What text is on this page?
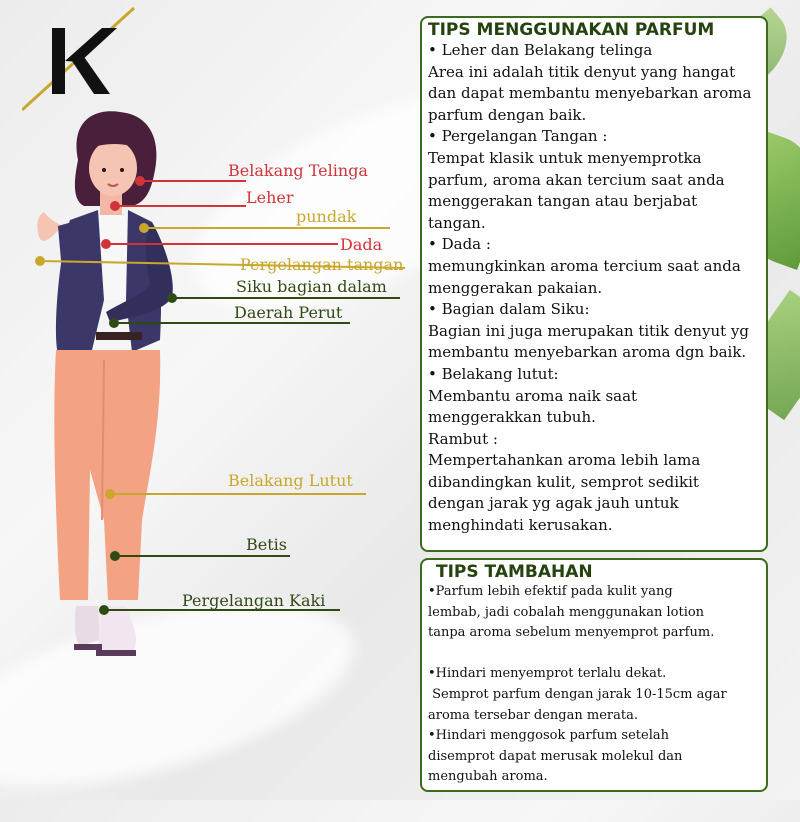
Belakang Telinga
Leher
pundak
Dada
Pergelangan tangan
Siku bagian dalam
Daerah Perut
Belakang Lutut
Betis
Pergelangan Kaki

TIPS MENGGUNAKAN PARFUM

• Leher dan Belakang telinga

Area ini adalah titik denyut yang hangat

dan dapat membantu menyebarkan aroma

parfum dengan baik.

• Pergelangan Tangan :

Tempat klasik untuk menyemprotka

parfum, aroma akan tercium saat anda

menggerakan tangan atau berjabat

tangan.

• Dada :

memungkinkan aroma tercium saat anda

menggerakan pakaian.

• Bagian dalam Siku:

Bagian ini juga merupakan titik denyut yg

membantu menyebarkan aroma dgn baik.

• Belakang lutut:

Membantu aroma naik saat

menggerakkan tubuh.

Rambut :

Mempertahankan aroma lebih lama

dibandingkan kulit, semprot sedikit

dengan jarak yg agak jauh untuk

menghindati kerusakan.

TIPS TAMBAHAN

•Parfum lebih efektif pada kulit yang

lembab, jadi cobalah menggunakan lotion

tanpa aroma sebelum menyemprot parfum.

•Hindari menyemprot terlalu dekat.

Semprot parfum dengan jarak 10-15cm agar

aroma tersebar dengan merata.

•Hindari menggosok parfum setelah

disemprot dapat merusak molekul dan

mengubah aroma.
